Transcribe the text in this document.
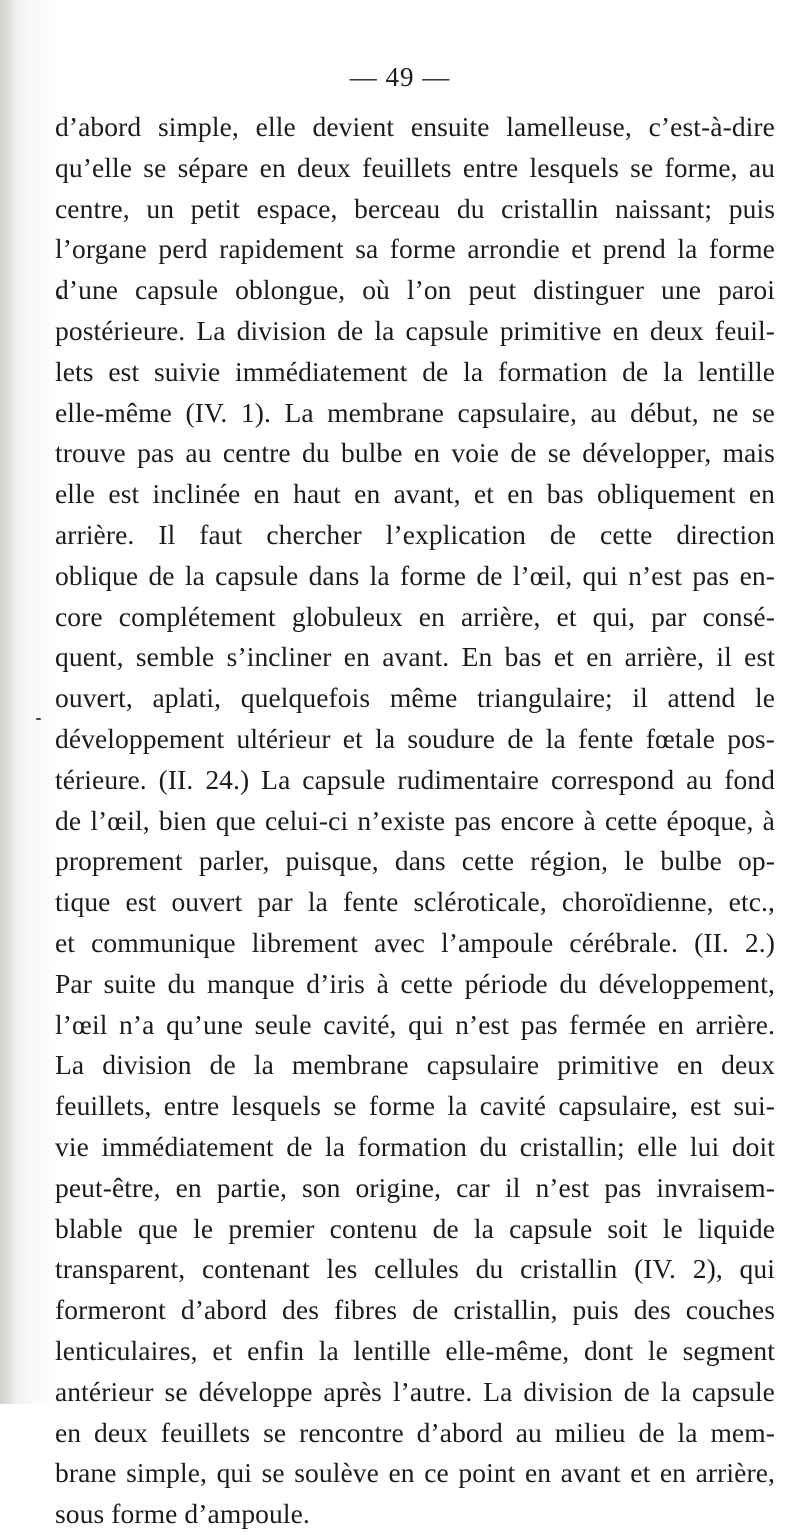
— 49 —
d’abord simple, elle devient ensuite lamelleuse, c’est-à-dire
qu’elle se sépare en deux feuillets entre lesquels se forme, au
centre, un petit espace, berceau du cristallin naissant; puis
l’organe perd rapidement sa forme arrondie et prend la forme
d’une capsule oblongue, où l’on peut distinguer une paroi
postérieure. La division de la capsule primitive en deux feuil-
lets est suivie immédiatement de la formation de la lentille
elle-même (IV. 1). La membrane capsulaire, au début, ne se
trouve pas au centre du bulbe en voie de se développer, mais
elle est inclinée en haut en avant, et en bas obliquement en
arrière. Il faut chercher l’explication de cette direction
oblique de la capsule dans la forme de l’œil, qui n’est pas en-
core complétement globuleux en arrière, et qui, par consé-
quent, semble s’incliner en avant. En bas et en arrière, il est
ouvert, aplati, quelquefois même triangulaire; il attend le
développement ultérieur et la soudure de la fente fœtale pos-
térieure. (II. 24.) La capsule rudimentaire correspond au fond
de l’œil, bien que celui-ci n’existe pas encore à cette époque, à
proprement parler, puisque, dans cette région, le bulbe op-
tique est ouvert par la fente scléroticale, choroïdienne, etc.,
et communique librement avec l’ampoule cérébrale. (II. 2.)
Par suite du manque d’iris à cette période du développement,
l’œil n’a qu’une seule cavité, qui n’est pas fermée en arrière.
La division de la membrane capsulaire primitive en deux
feuillets, entre lesquels se forme la cavité capsulaire, est sui-
vie immédiatement de la formation du cristallin; elle lui doit
peut-être, en partie, son origine, car il n’est pas invraisem-
blable que le premier contenu de la capsule soit le liquide
transparent, contenant les cellules du cristallin (IV. 2), qui
formeront d’abord des fibres de cristallin, puis des couches
lenticulaires, et enfin la lentille elle-même, dont le segment
antérieur se développe après l’autre. La division de la capsule
en deux feuillets se rencontre d’abord au milieu de la mem-
brane simple, qui se soulève en ce point en avant et en arrière,
sous forme d’ampoule.
